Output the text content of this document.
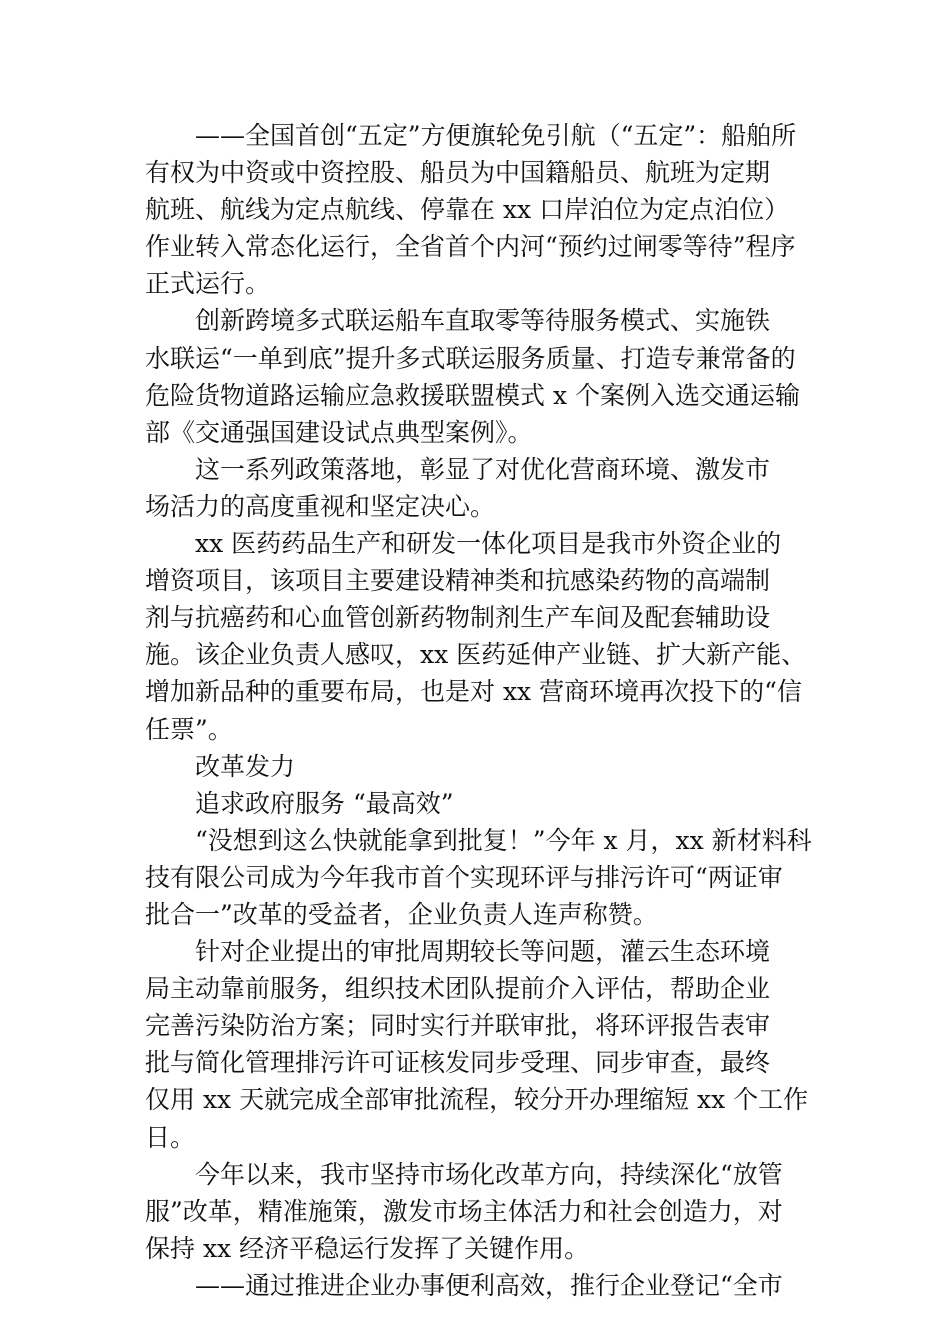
——全国首创“五定”方便旗轮免引航（“五定”：船舶所
有权为中资或中资控股、船员为中国籍船员、航班为定期
航班、航线为定点航线、停靠在 xx 口岸泊位为定点泊位）
作业转入常态化运行，全省首个内河“预约过闸零等待”程序
正式运行。
创新跨境多式联运船车直取零等待服务模式、实施铁
水联运“一单到底”提升多式联运服务质量、打造专兼常备的
危险货物道路运输应急救援联盟模式 x 个案例入选交通运输
部《交通强国建设试点典型案例》。
这一系列政策落地，彰显了对优化营商环境、激发市
场活力的高度重视和坚定决心。
xx 医药药品生产和研发一体化项目是我市外资企业的
增资项目，该项目主要建设精神类和抗感染药物的高端制
剂与抗癌药和心血管创新药物制剂生产车间及配套辅助设
施。该企业负责人感叹，xx 医药延伸产业链、扩大新产能、
增加新品种的重要布局，也是对 xx 营商环境再次投下的“信
任票”。
改革发力
追求政府服务 “最高效”
“没想到这么快就能拿到批复！”今年 x 月，xx 新材料科
技有限公司成为今年我市首个实现环评与排污许可“两证审
批合一”改革的受益者，企业负责人连声称赞。
针对企业提出的审批周期较长等问题，灌云生态环境
局主动靠前服务，组织技术团队提前介入评估，帮助企业
完善污染防治方案；同时实行并联审批，将环评报告表审
批与简化管理排污许可证核发同步受理、同步审查，最终
仅用 xx 天就完成全部审批流程，较分开办理缩短 xx 个工作
日。
今年以来，我市坚持市场化改革方向，持续深化“放管
服”改革，精准施策，激发市场主体活力和社会创造力，对
保持 xx 经济平稳运行发挥了关键作用。
——通过推进企业办事便利高效，推行企业登记“全市
